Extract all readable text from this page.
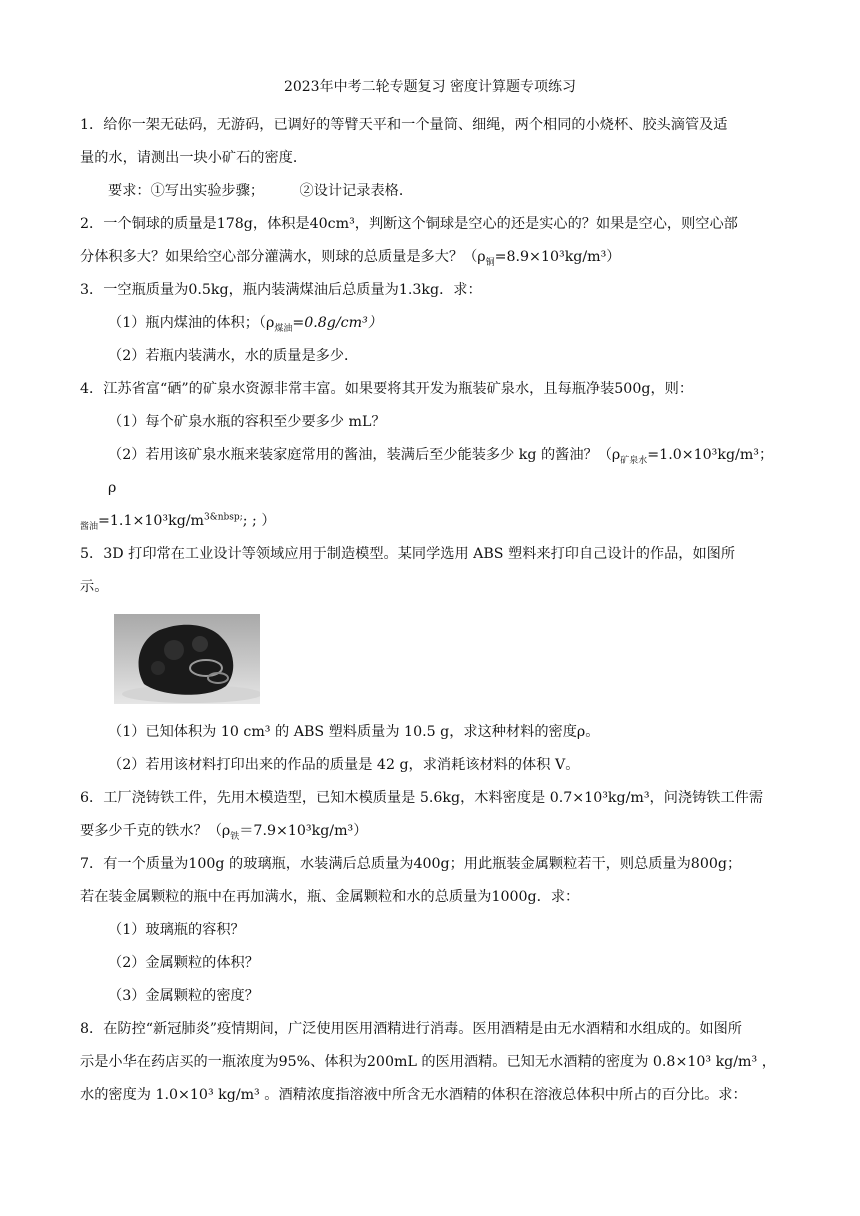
2023年中考二轮专题复习 密度计算题专项练习

1．给你一架无砝码，无游码，已调好的等臂天平和一个量筒、细绳，两个相同的小烧杯、胶头滴管及适

量的水，请测出一块小矿石的密度．

要求：①写出实验步骤；　　　②设计记录表格．

2．一个铜球的质量是178g，体积是40cm³，判断这个铜球是空心的还是实心的？如果是空心，则空心部

分体积多大？如果给空心部分灌满水，则球的总质量是多大？$(\rho_铜=8.9\times 10^3kg/m^3)$

3．一空瓶质量为0.5kg，瓶内装满煤油后总质量为1.3kg．求：

（1）瓶内煤油的体积；$(\rho_{煤油}=0.8g/cm^3)$

（2）若瓶内装满水，水的质量是多少．

4．江苏省富“硒”的矿泉水资源非常丰富。如果要将其开发为瓶装矿泉水，且每瓶净装500g，则：

（1）每个矿泉水瓶的容积至少要多少 mL？

（2）若用该矿泉水瓶来装家庭常用的酱油，装满后至少能装多少 kg 的酱油？（$\rho_{矿泉水}=1.0\times 10^3kg/m^3$；ρ

$_{酱油}=1.1\times 10^3kg/m^{3\&nbsp;}$; ; ）

5．3D 打印常在工业设计等领域应用于制造模型。某同学选用 ABS 塑料来打印自己设计的作品，如图所

示。

（1）已知体积为 10 cm³ 的 ABS 塑料质量为 10.5 g，求这种材料的密度ρ。

（2）若用该材料打印出来的作品的质量是 42 g，求消耗该材料的体积 V。

6．工厂浇铸铁工件，先用木模造型，已知木模质量是 5.6kg，木料密度是 0.7×10³kg/m³，问浇铸铁工件需

要多少千克的铁水？$(\rho_铁=7.9\times 10^3kg/m^3)$

7．有一个质量为100g 的玻璃瓶，水装满后总质量为400g；用此瓶装金属颗粒若干，则总质量为800g；

若在装金属颗粒的瓶中在再加满水，瓶、金属颗粒和水的总质量为1000g．求：

（1）玻璃瓶的容积？

（2）金属颗粒的体积？

（3）金属颗粒的密度？

8．在防控“新冠肺炎”疫情期间，广泛使用医用酒精进行消毒。医用酒精是由无水酒精和水组成的。如图所

示是小华在药店买的一瓶浓度为95%、体积为200mL 的医用酒精。已知无水酒精的密度为 0.8×10³ kg/m³ ，

水的密度为 1.0×10³ kg/m³ 。酒精浓度指溶液中所含无水酒精的体积在溶液总体积中所占的百分比。求：
